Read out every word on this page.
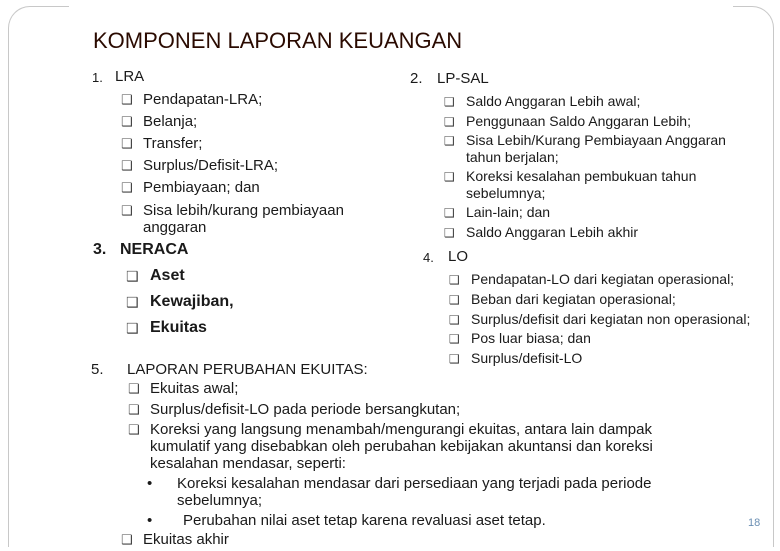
KOMPONEN LAPORAN KEUANGAN
1. LRA
❑ Pendapatan-LRA;
❑ Belanja;
❑ Transfer;
❑ Surplus/Defisit-LRA;
❑ Pembiayaan; dan
❑ Sisa lebih/kurang pembiayaan
anggaran
2. LP-SAL
❑ Saldo Anggaran Lebih awal;
❑ Penggunaan Saldo Anggaran Lebih;
❑ Sisa Lebih/Kurang Pembiayaan Anggaran
tahun berjalan;
❑ Koreksi kesalahan pembukuan tahun
sebelumnya;
❑ Lain-lain; dan
❑ Saldo Anggaran Lebih akhir
3. NERACA
❑ Aset
❑ Kewajiban,
❑ Ekuitas
4. LO
❑ Pendapatan-LO dari kegiatan operasional;
❑ Beban dari kegiatan operasional;
❑ Surplus/defisit dari kegiatan non operasional;
❑ Pos luar biasa; dan
❑ Surplus/defisit-LO
5. LAPORAN PERUBAHAN EKUITAS:
❑ Ekuitas awal;
❑ Surplus/defisit-LO pada periode bersangkutan;
❑ Koreksi yang langsung menambah/mengurangi ekuitas, antara lain dampak
kumulatif yang disebabkan oleh perubahan kebijakan akuntansi dan koreksi
kesalahan mendasar, seperti:
• Koreksi kesalahan mendasar dari persediaan yang terjadi pada periode
sebelumnya;
• Perubahan nilai aset tetap karena revaluasi aset tetap.
❑ Ekuitas akhir
18
